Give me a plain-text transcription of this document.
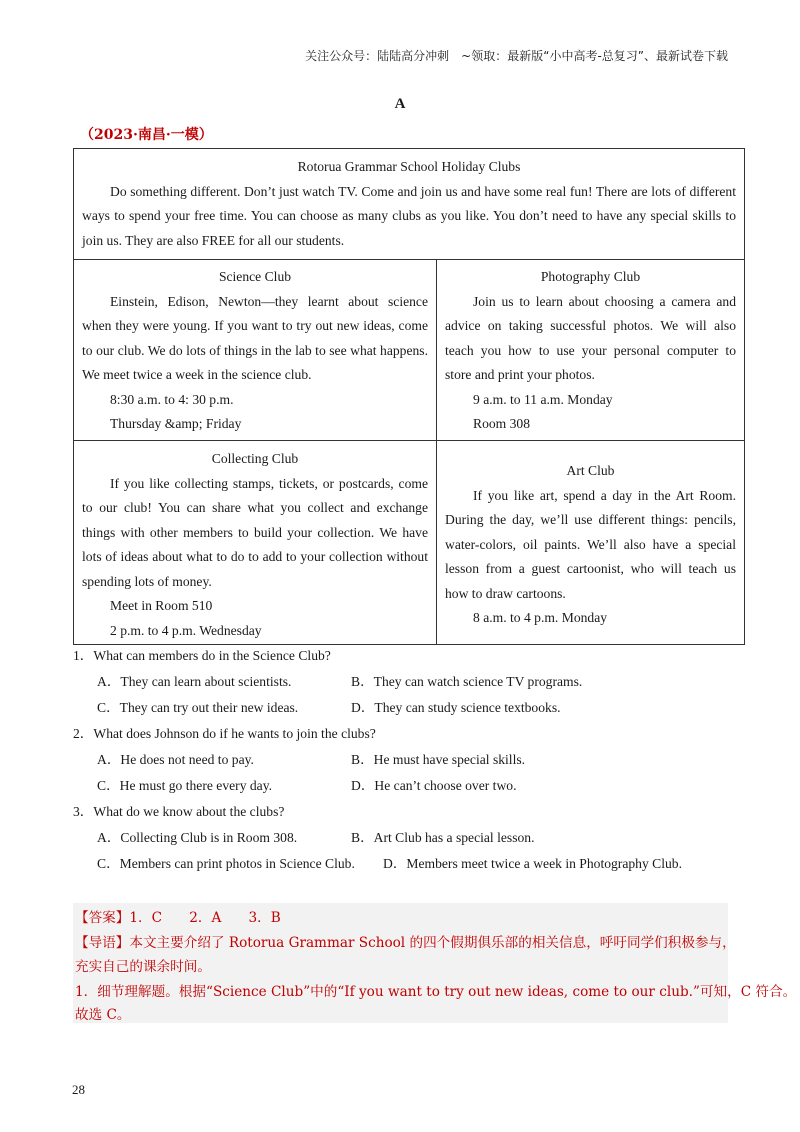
关注公众号：陆陆高分冲刺　~领取：最新版“小中高考-总复习”、最新试卷下载
A
（2023·南昌·一模）
Rotorua Grammar School Holiday Clubs
Do something different. Don’t just watch TV. Come and join us and have some real fun! There are lots of different ways to spend your free time. You can choose as many clubs as you like. You don’t need to have any special skills to join us. They are also FREE for all our students.
Science Club
Einstein, Edison, Newton—they learnt about science when they were young. If you want to try out new ideas, come to our club. We do lots of things in the lab to see what happens. We meet twice a week in the science club.
8:30 a.m. to 4: 30 p.m.
Thursday &amp; Friday
Photography Club
Join us to learn about choosing a camera and advice on taking successful photos. We will also teach you how to use your personal computer to store and print your photos.
9 a.m. to 11 a.m. Monday
Room 308
Collecting Club
If you like collecting stamps, tickets, or postcards, come to our club! You can share what you collect and exchange things with other members to build your collection. We have lots of ideas about what to do to add to your collection without spending lots of money.
Meet in Room 510
2 p.m. to 4 p.m. Wednesday
Art Club
If you like art, spend a day in the Art Room. During the day, we’ll use different things: pencils, water-colors, oil paints. We’ll also have a special lesson from a guest cartoonist, who will teach us how to draw cartoons.
8 a.m. to 4 p.m. Monday
1．What can members do in the Science Club?
A．They can learn about scientists.	B．They can watch science TV programs.
C．They can try out their new ideas.	D．They can study science textbooks.
2．What does Johnson do if he wants to join the clubs?
A．He does not need to pay.	B．He must have special skills.
C．He must go there every day.	D．He can’t choose over two.
3．What do we know about the clubs?
A．Collecting Club is in Room 308.	B．Art Club has a special lesson.
C．Members can print photos in Science Club. D．Members meet twice a week in Photography Club.
【答案】1．C　　2．A　　3．B
【导语】本文主要介绍了 Rotorua Grammar School 的四个假期俱乐部的相关信息，呼吁同学们积极参与，
充实自己的课余时间。
1．细节理解题。根据“Science Club”中的“If you want to try out new ideas, come to our club.”可知，C 符合。
故选 C。
28
